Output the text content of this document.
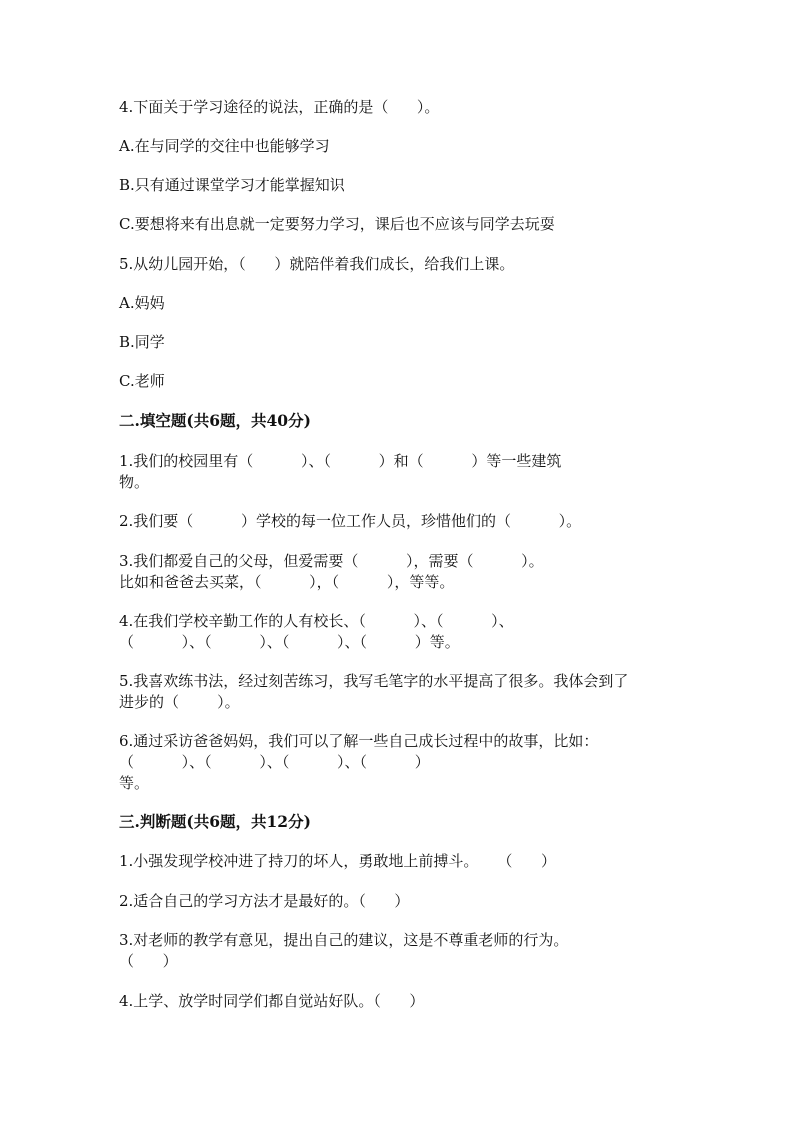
4.下面关于学习途径的说法，正确的是（      ）。
A.在与同学的交往中也能够学习
B.只有通过课堂学习才能掌握知识
C.要想将来有出息就一定要努力学习，课后也不应该与同学去玩耍
5.从幼儿园开始，（      ）就陪伴着我们成长，给我们上课。
A.妈妈
B.同学
C.老师
二.填空题(共6题，共40分)
1.我们的校园里有（          ）、（          ）和（          ）等一些建筑
物。
2.我们要（          ）学校的每一位工作人员，珍惜他们的（          ）。
3.我们都爱自己的父母，但爱需要（          ），需要（          ）。
比如和爸爸去买菜，（          ），（          ），等等。
4.在我们学校辛勤工作的人有校长、（          ）、（          ）、
（          ）、（          ）、（          ）、（          ）等。
5.我喜欢练书法，经过刻苦练习，我写毛笔字的水平提高了很多。我体会到了
进步的（        ）。
6.通过采访爸爸妈妈，我们可以了解一些自己成长过程中的故事，比如：
（          ）、（          ）、（          ）、（          ）
等。
三.判断题(共6题，共12分)
1.小强发现学校冲进了持刀的坏人，勇敢地上前搏斗。    （      ）
2.适合自己的学习方法才是最好的。（      ）
3.对老师的教学有意见，提出自己的建议，这是不尊重老师的行为。
（      ）
4.上学、放学时同学们都自觉站好队。（      ）
